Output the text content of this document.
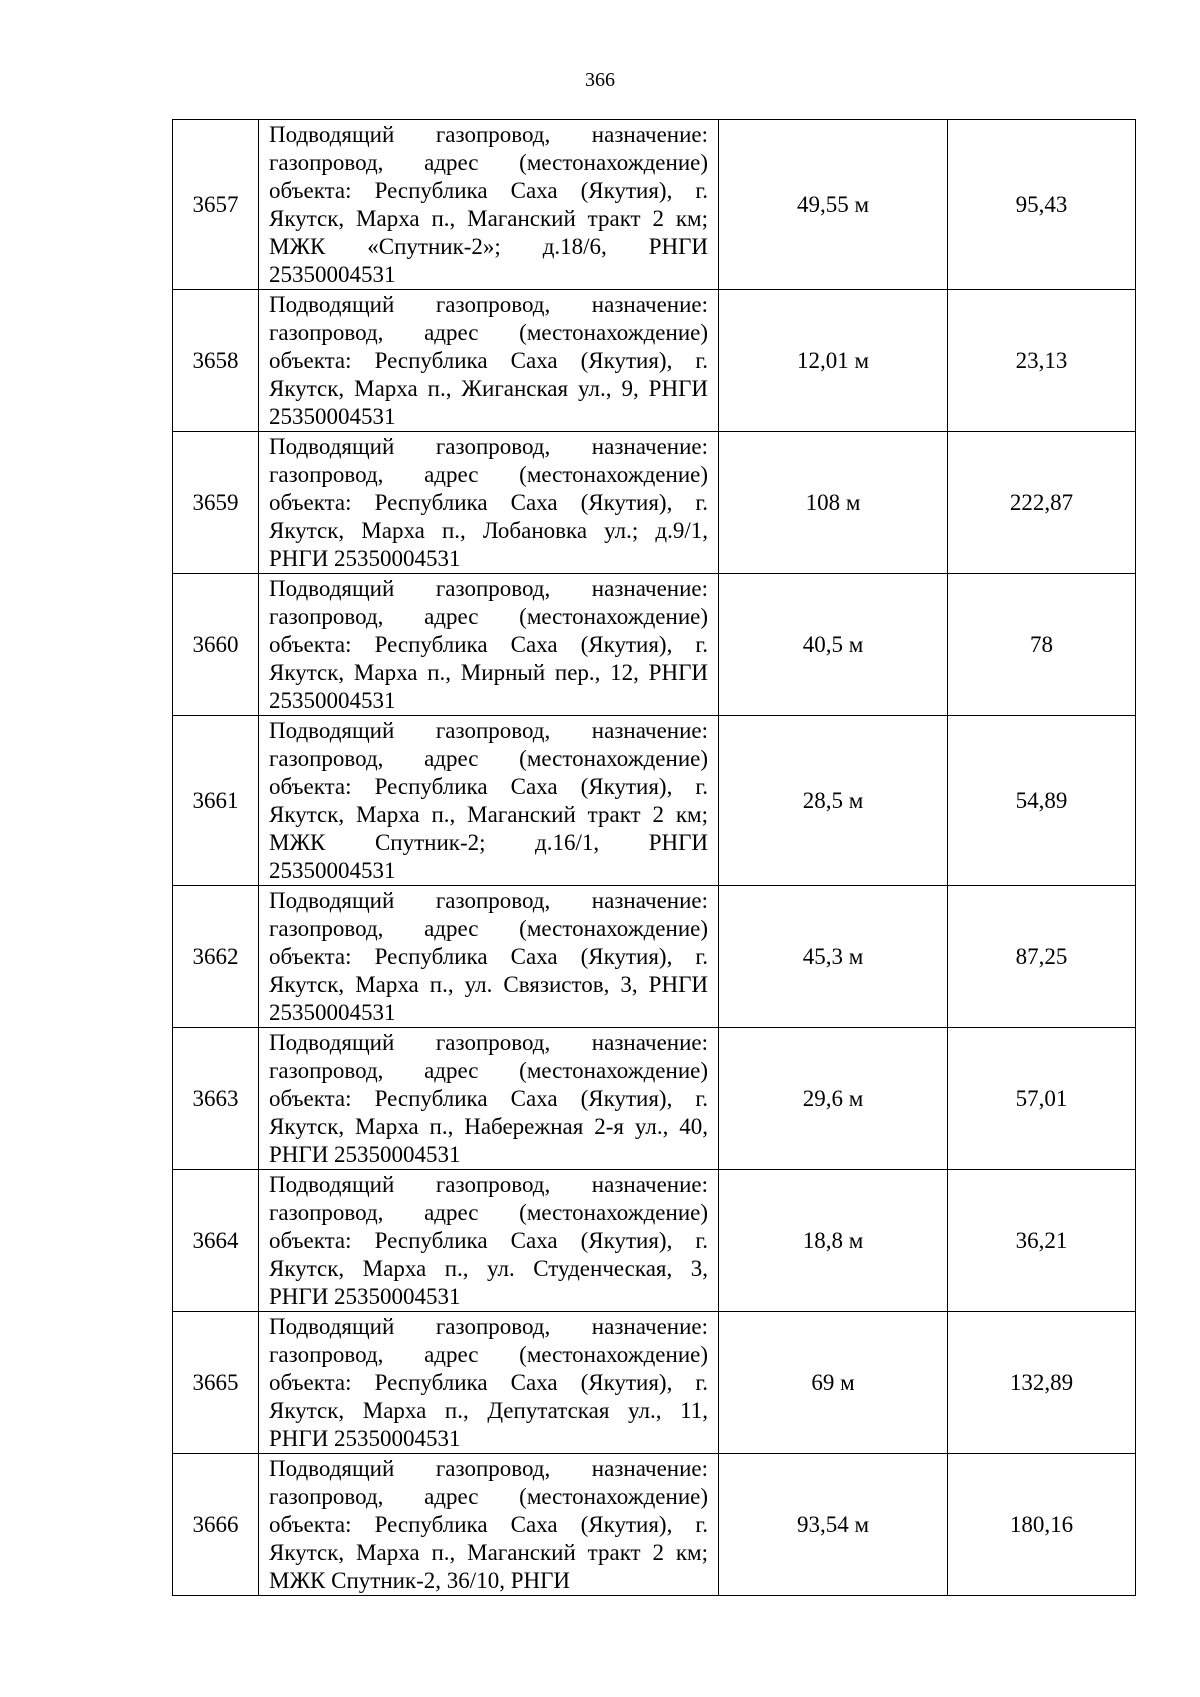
366
3657	Подводящий газопровод, назначение: газопровод, адрес (местонахождение) объекта: Республика Саха (Якутия), г. Якутск, Марха п., Маганский тракт 2 км; МЖК «Спутник-2»; д.18/6, РНГИ 25350004531	49,55 м	95,43
3658	Подводящий газопровод, назначение: газопровод, адрес (местонахождение) объекта: Республика Саха (Якутия), г. Якутск, Марха п., Жиганская ул., 9, РНГИ 25350004531	12,01 м	23,13
3659	Подводящий газопровод, назначение: газопровод, адрес (местонахождение) объекта: Республика Саха (Якутия), г. Якутск, Марха п., Лобановка ул.; д.9/1, РНГИ 25350004531	108 м	222,87
3660	Подводящий газопровод, назначение: газопровод, адрес (местонахождение) объекта: Республика Саха (Якутия), г. Якутск, Марха п., Мирный пер., 12, РНГИ 25350004531	40,5 м	78
3661	Подводящий газопровод, назначение: газопровод, адрес (местонахождение) объекта: Республика Саха (Якутия), г. Якутск, Марха п., Маганский тракт 2 км; МЖК Спутник-2; д.16/1, РНГИ 25350004531	28,5 м	54,89
3662	Подводящий газопровод, назначение: газопровод, адрес (местонахождение) объекта: Республика Саха (Якутия), г. Якутск, Марха п., ул. Связистов, 3, РНГИ 25350004531	45,3 м	87,25
3663	Подводящий газопровод, назначение: газопровод, адрес (местонахождение) объекта: Республика Саха (Якутия), г. Якутск, Марха п., Набережная 2-я ул., 40, РНГИ 25350004531	29,6 м	57,01
3664	Подводящий газопровод, назначение: газопровод, адрес (местонахождение) объекта: Республика Саха (Якутия), г. Якутск, Марха п., ул. Студенческая, 3, РНГИ 25350004531	18,8 м	36,21
3665	Подводящий газопровод, назначение: газопровод, адрес (местонахождение) объекта: Республика Саха (Якутия), г. Якутск, Марха п., Депутатская ул., 11, РНГИ 25350004531	69 м	132,89
3666	Подводящий газопровод, назначение: газопровод, адрес (местонахождение) объекта: Республика Саха (Якутия), г. Якутск, Марха п., Маганский тракт 2 км; МЖК Спутник-2, 36/10, РНГИ	93,54 м	180,16
